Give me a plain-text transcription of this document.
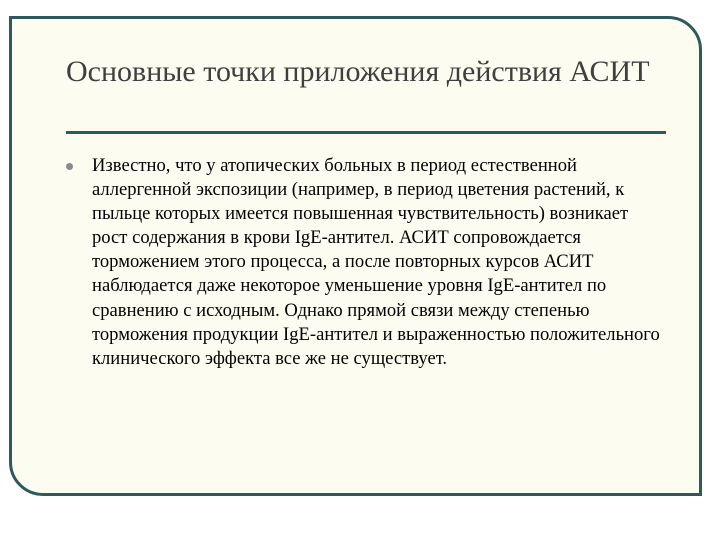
Основные точки приложения действия АСИТ

Известно, что у атопических больных в период естественной аллергенной экспозиции (например, в период цветения растений, к пыльце которых имеется повышенная чувствительность) возникает рост содержания в крови IgE-антител. АСИТ сопровождается торможением этого процесса, а после повторных курсов АСИТ наблюдается даже некоторое уменьшение уровня IgE-антител по сравнению с исходным. Однако прямой связи между степенью торможения продукции IgE-антител и выраженностью положительного клинического эффекта все же не существует.
